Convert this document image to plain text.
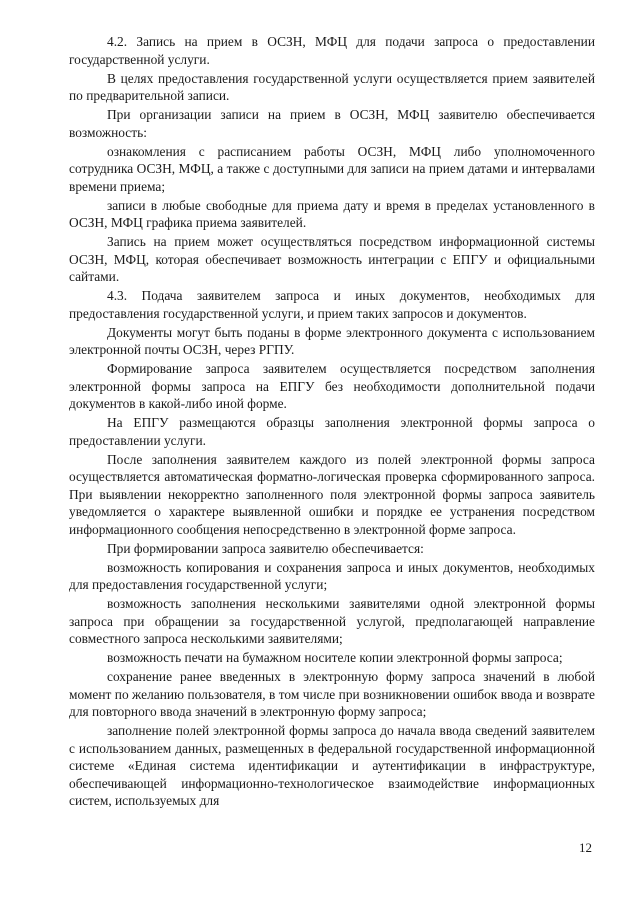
4.2. Запись на прием в ОСЗН, МФЦ для подачи запроса о предоставлении государственной услуги.

В целях предоставления государственной услуги осуществляется прием заявителей по предварительной записи.

При организации записи на прием в ОСЗН, МФЦ заявителю обеспечивается возможность:

ознакомления с расписанием работы ОСЗН, МФЦ либо уполномоченного сотрудника ОСЗН, МФЦ, а также с доступными для записи на прием датами и интервалами времени приема;

записи в любые свободные для приема дату и время в пределах установленного в ОСЗН, МФЦ графика приема заявителей.

Запись на прием может осуществляться посредством информационной системы ОСЗН, МФЦ, которая обеспечивает возможность интеграции с ЕПГУ и официальными сайтами.

4.3. Подача заявителем запроса и иных документов, необходимых для предоставления государственной услуги, и прием таких запросов и документов.

Документы могут быть поданы в форме электронного документа с использованием электронной почты ОСЗН, через РГПУ.

Формирование запроса заявителем осуществляется посредством заполнения электронной формы запроса на ЕПГУ без необходимости дополнительной подачи документов в какой-либо иной форме.

На ЕПГУ размещаются образцы заполнения электронной формы запроса о предоставлении услуги.

После заполнения заявителем каждого из полей электронной формы запроса осуществляется автоматическая форматно-логическая проверка сформированного запроса. При выявлении некорректно заполненного поля электронной формы запроса заявитель уведомляется о характере выявленной ошибки и порядке ее устранения посредством информационного сообщения непосредственно в электронной форме запроса.

При формировании запроса заявителю обеспечивается:

возможность копирования и сохранения запроса и иных документов, необходимых для предоставления государственной услуги;

возможность заполнения несколькими заявителями одной электронной формы запроса при обращении за государственной услугой, предполагающей направление совместного запроса несколькими заявителями;

возможность печати на бумажном носителе копии электронной формы запроса;

сохранение ранее введенных в электронную форму запроса значений в любой момент по желанию пользователя, в том числе при возникновении ошибок ввода и возврате для повторного ввода значений в электронную форму запроса;

заполнение полей электронной формы запроса до начала ввода сведений заявителем с использованием данных, размещенных в федеральной государственной информационной системе «Единая система идентификации и аутентификации в инфраструктуре, обеспечивающей информационно-технологическое взаимодействие информационных систем, используемых для

12
